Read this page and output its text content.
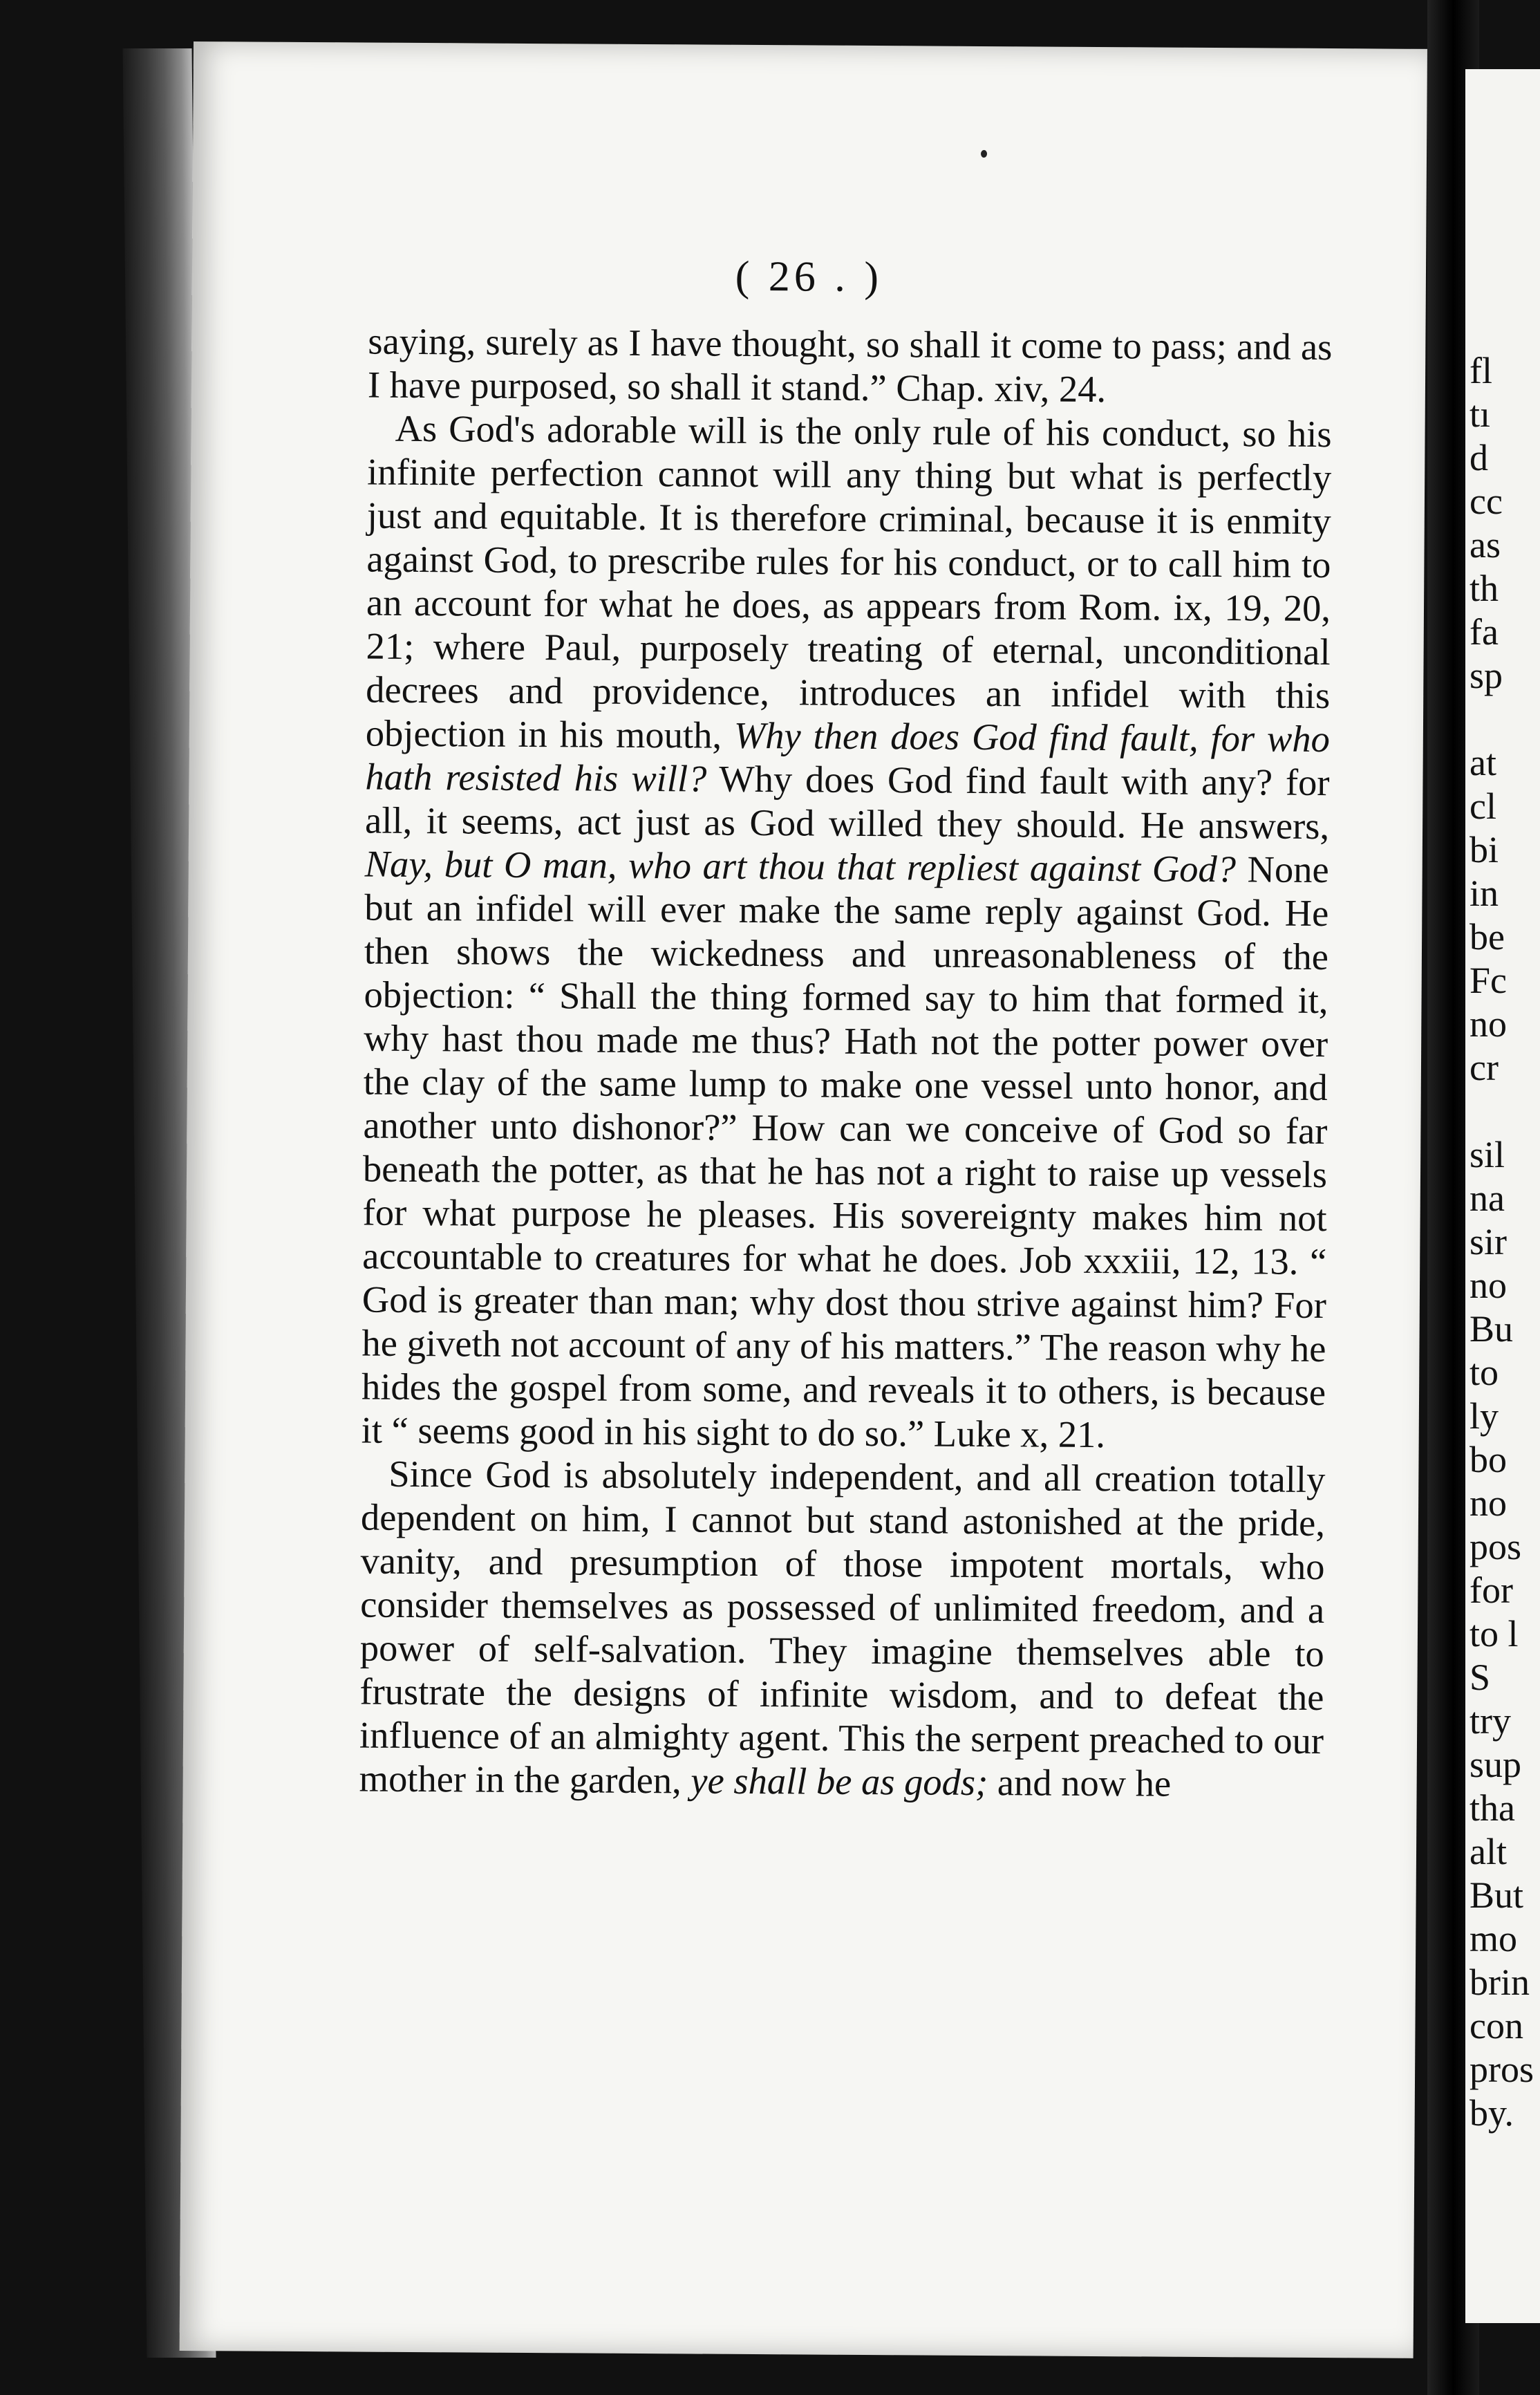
( 26 . )

saying, surely as I have thought, so shall it come to pass; and as I have purposed, so shall it stand.” Chap. xiv, 24.

As God's adorable will is the only rule of his conduct, so his infinite perfection cannot will any thing but what is perfectly just and equitable. It is therefore criminal, because it is enmity against God, to prescribe rules for his conduct, or to call him to an account for what he does, as appears from Rom. ix, 19, 20, 21; where Paul, purposely treating of eternal, unconditional decrees and providence, introduces an infidel with this objection in his mouth, Why then does God find fault, for who hath resisted his will? Why does God find fault with any? for all, it seems, act just as God willed they should. He answers, Nay, but O man, who art thou that repliest against God? None but an infidel will ever make the same reply against God. He then shows the wickedness and unreasonableness of the objection: “ Shall the thing formed say to him that formed it, why hast thou made me thus? Hath not the potter power over the clay of the same lump to make one vessel unto honor, and another unto dishonor?” How can we conceive of God so far beneath the potter, as that he has not a right to raise up vessels for what purpose he pleases. His sovereignty makes him not accountable to creatures for what he does. Job xxxiii, 12, 13. “ God is greater than man; why dost thou strive against him? For he giveth not account of any of his matters.” The reason why he hides the gospel from some, and reveals it to others, is because it “ seems good in his sight to do so.” Luke x, 21.

Since God is absolutely independent, and all creation totally dependent on him, I cannot but stand astonished at the pride, vanity, and presumption of those impotent mortals, who consider themselves as possessed of unlimited freedom, and a power of self-salvation. They imagine themselves able to frustrate the designs of infinite wisdom, and to defeat the influence of an almighty agent. This the serpent preached to our mother in the garden, ye shall be as gods; and now he

fl
tı
d
cc
as
th
fa
sp
at
cl
bi
in
be
Fc
no
cr
sil
na
sir
no
Bu
to
ly
bo
no
pos
for
to l
S
try
sup
tha
alt
But
mo
brin
con
pros
by.
